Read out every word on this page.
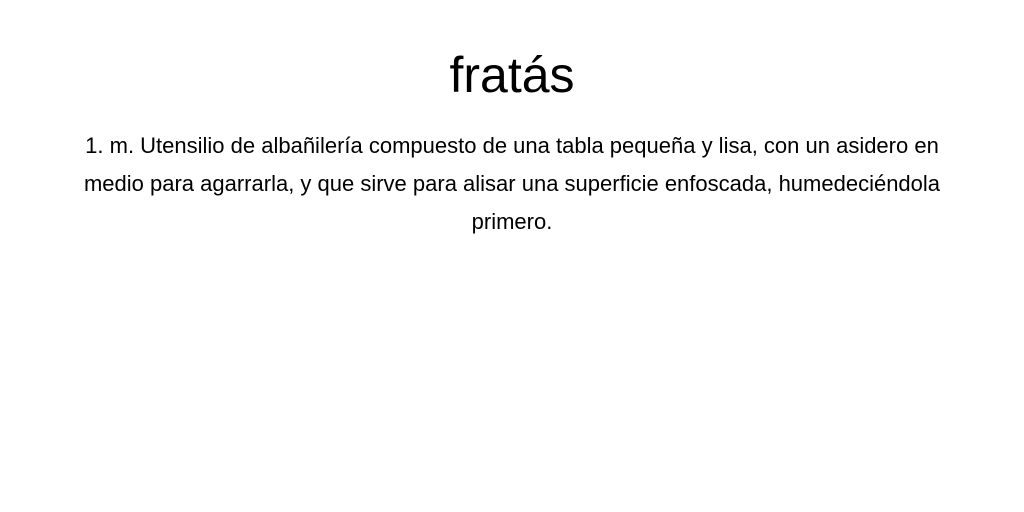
fratás

1. m. Utensilio de albañilería compuesto de una tabla pequeña y lisa, con un asidero en medio para agarrarla, y que sirve para alisar una superficie enfoscada, humedeciéndola primero.
